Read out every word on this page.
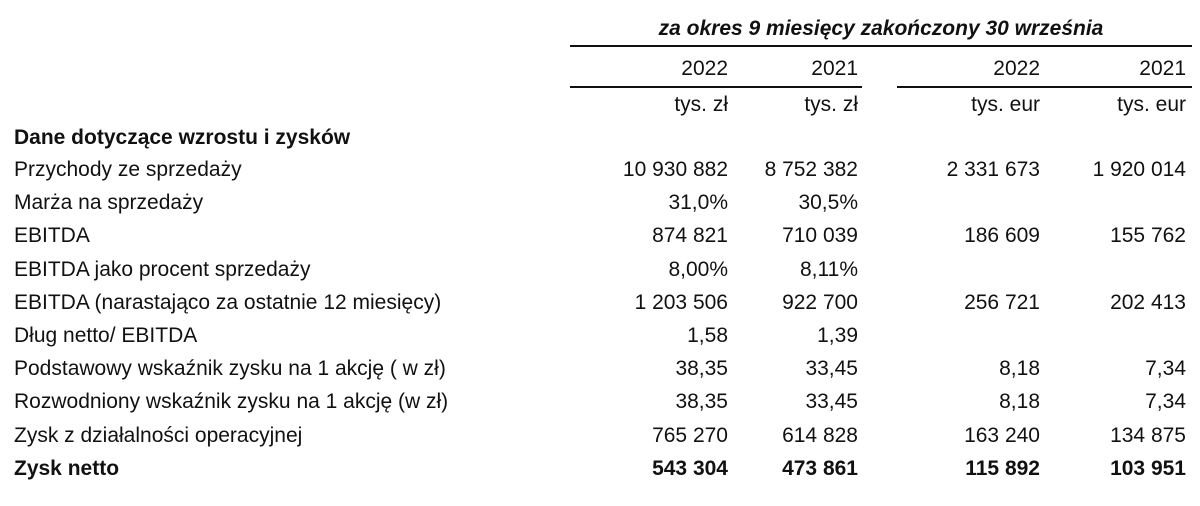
za okres 9 miesięcy zakończony 30 września
2022	2021	2022	2021
tys. zł	tys. zł	tys. eur	tys. eur
Dane dotyczące wzrostu i zysków
Przychody ze sprzedaży	10 930 882	8 752 382	2 331 673	1 920 014
Marża na sprzedaży	31,0%	30,5%
EBITDA	874 821	710 039	186 609	155 762
EBITDA jako procent sprzedaży	8,00%	8,11%
EBITDA (narastająco za ostatnie 12 miesięcy)	1 203 506	922 700	256 721	202 413
Dług netto/ EBITDA	1,58	1,39
Podstawowy wskaźnik zysku na 1 akcję ( w zł)	38,35	33,45	8,18	7,34
Rozwodniony wskaźnik zysku na 1 akcję (w zł)	38,35	33,45	8,18	7,34
Zysk z działalności operacyjnej	765 270	614 828	163 240	134 875
Zysk netto	543 304	473 861	115 892	103 951
